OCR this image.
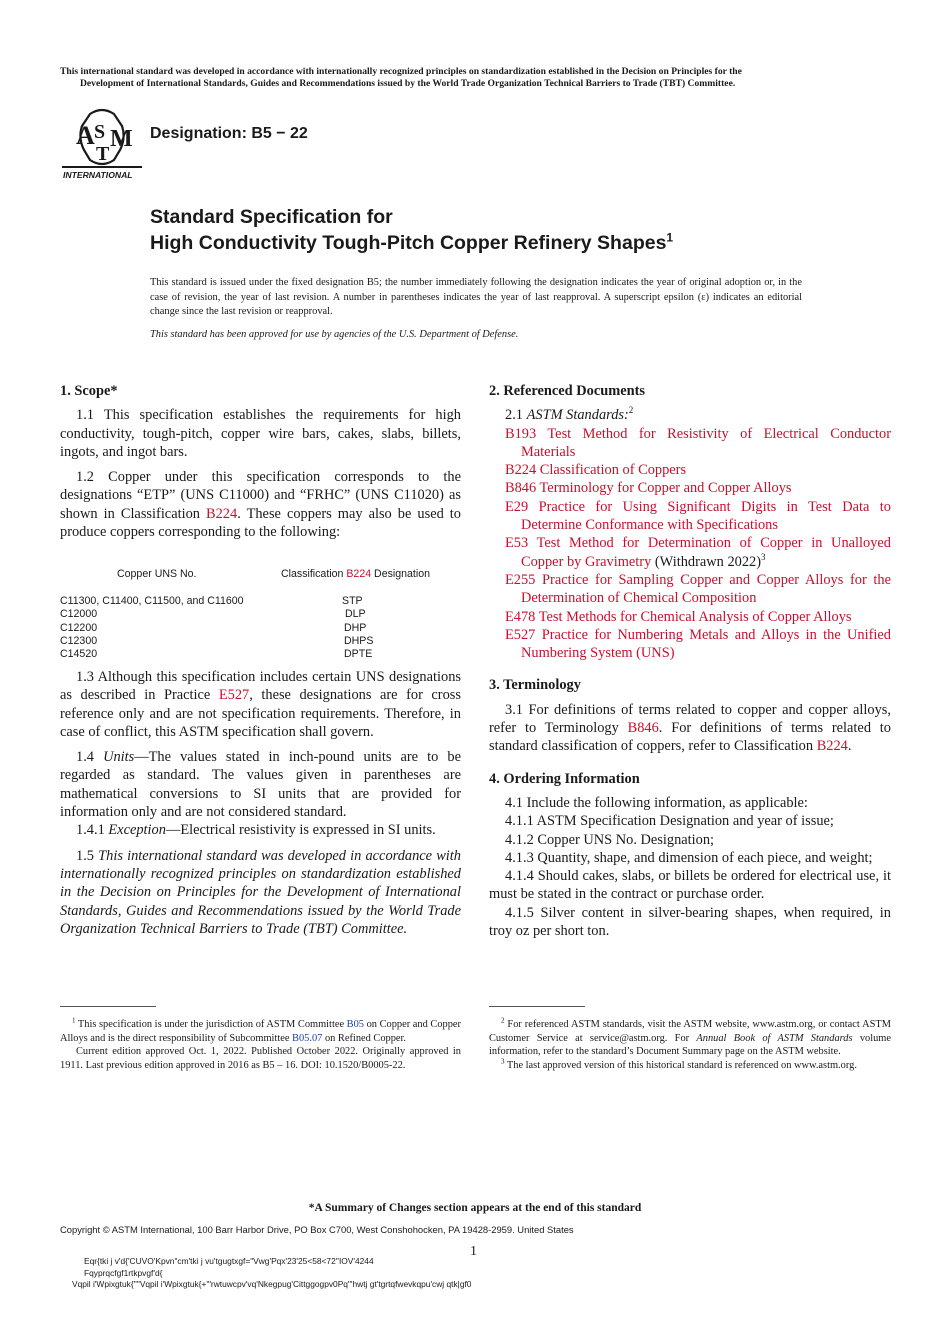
This international standard was developed in accordance with internationally recognized principles on standardization established in the Decision on Principles for the
Development of International Standards, Guides and Recommendations issued by the World Trade Organization Technical Barriers to Trade (TBT) Committee.
A S
T
M
INTERNATIONAL
Designation: B5 − 22
Standard Specification for
High Conductivity Tough-Pitch Copper Refinery Shapes$^1$
This standard is issued under the fixed designation B5; the number immediately following the designation indicates the year of original adoption or, in the case of revision, the year of last revision. A number in parentheses indicates the year of last reapproval. A superscript epsilon (ε) indicates an editorial change since the last revision or reapproval.
This standard has been approved for use by agencies of the U.S. Department of Defense.

1. Scope*

1.1 This specification establishes the requirements for high conductivity, tough-pitch, copper wire bars, cakes, slabs, billets, ingots, and ingot bars.

1.2 Copper under this specification corresponds to the designations “ETP” (UNS C11000) and “FRHC” (UNS C11020) as shown in Classification B224. These coppers may also be used to produce coppers corresponding to the following:

Copper UNS No.	Classification B224 Designation
C11300, C11400, C11500, and C11600	STP
C12000	DLP
C12200	DHP
C12300	DHPS
C14520	DPTE

1.3 Although this specification includes certain UNS designations as described in Practice E527, these designations are for cross reference only and are not specification requirements. Therefore, in case of conflict, this ASTM specification shall govern.

1.4 Units—The values stated in inch-pound units are to be regarded as standard. The values given in parentheses are mathematical conversions to SI units that are provided for information only and are not considered standard.

1.4.1 Exception—Electrical resistivity is expressed in SI units.

1.5 This international standard was developed in accordance with internationally recognized principles on standardization established in the Decision on Principles for the Development of International Standards, Guides and Recommendations issued by the World Trade Organization Technical Barriers to Trade (TBT) Committee.

2. Referenced Documents

2.1 ASTM Standards:$^2$

B193 Test Method for Resistivity of Electrical Conductor Materials

B224 Classification of Coppers

B846 Terminology for Copper and Copper Alloys

E29 Practice for Using Significant Digits in Test Data to Determine Conformance with Specifications

E53 Test Method for Determination of Copper in Unalloyed Copper by Gravimetry (Withdrawn 2022)$^3$

E255 Practice for Sampling Copper and Copper Alloys for the Determination of Chemical Composition

E478 Test Methods for Chemical Analysis of Copper Alloys

E527 Practice for Numbering Metals and Alloys in the Unified Numbering System (UNS)

3. Terminology

3.1 For definitions of terms related to copper and copper alloys, refer to Terminology B846. For definitions of terms related to standard classification of coppers, refer to Classification B224.

4. Ordering Information

4.1 Include the following information, as applicable:

4.1.1 ASTM Specification Designation and year of issue;

4.1.2 Copper UNS No. Designation;

4.1.3 Quantity, shape, and dimension of each piece, and weight;

4.1.4 Should cakes, slabs, or billets be ordered for electrical use, it must be stated in the contract or purchase order.

4.1.5 Silver content in silver-bearing shapes, when required, in troy oz per short ton.

$^1$ This specification is under the jurisdiction of ASTM Committee B05 on Copper and Copper Alloys and is the direct responsibility of Subcommittee B05.07 on Refined Copper.

Current edition approved Oct. 1, 2022. Published October 2022. Originally approved in 1911. Last previous edition approved in 2016 as B5 – 16. DOI: 10.1520/B0005-22.

$^2$ For referenced ASTM standards, visit the ASTM website, www.astm.org, or contact ASTM Customer Service at service@astm.org. For Annual Book of ASTM Standards volume information, refer to the standard’s Document Summary page on the ASTM website.

$^3$ The last approved version of this historical standard is referenced on www.astm.org.

*A Summary of Changes section appears at the end of this standard
Copyright © ASTM International, 100 Barr Harbor Drive, PO Box C700, West Conshohocken, PA 19428-2959. United States
1
Eqr{tki j v'd{'CUVO'Kpvn"cm'tki j vu'tgugtxgf="Vwg'Pqx'23'25<58<72''IOV'4244
Fqyprqcfgf1rtkpvgf'd{
Vqpil i'Wpixgtuk{''"Vqpil i'Wpixgtuk{+'"rwtuwcpv'vq'Nkegpug'Cittggogpv0Pq'"hwtj gt'tgrtqfwevkqpu'cwj qtk|gf0
